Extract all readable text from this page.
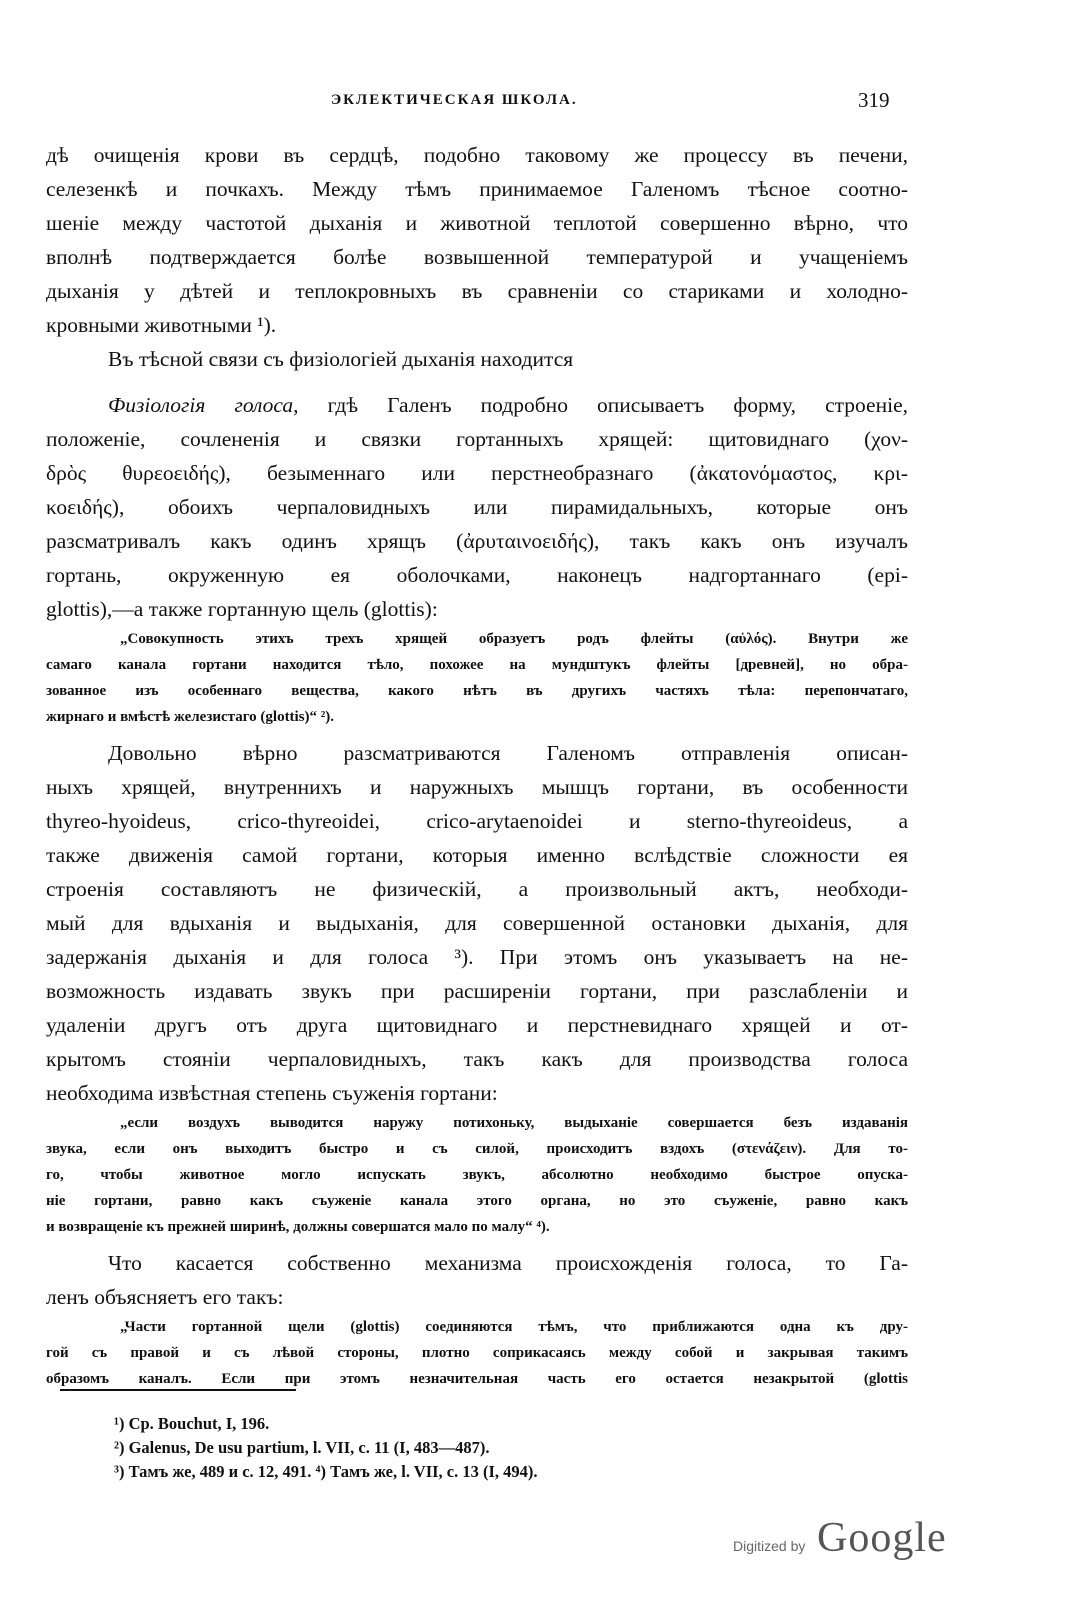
ЭКЛЕКТИЧЕСКАЯ ШКОЛА.	319
дѣ очищенія крови въ сердцѣ, подобно таковому же процессу въ печени,
селезенкѣ и почкахъ. Между тѣмъ принимаемое Галеномъ тѣсное соотно-
шеніе между частотой дыханія и животной теплотой совершенно вѣрно, что
вполнѣ подтверждается болѣе возвышенной температурой и учащеніемъ
дыханія у дѣтей и теплокровныхъ въ сравненіи со стариками и холодно-
кровными животными ¹).
Въ тѣсной связи съ физіологіей дыханія находится
Физіологія голоса, гдѣ Галенъ подробно описываетъ форму, строеніе,
положеніе, сочлененія и связки гортанныхъ хрящей: щитовиднаго (χον-
δρὸς θυρεοειδής), безыменнаго или перстнеобразнаго (ἀκατονόμαστος, κρι-
κοειδής), обоихъ черпаловидныхъ или пирамидальныхъ, которые онъ
разсматривалъ какъ одинъ хрящъ (ἀρυταινοειδής), такъ какъ онъ изучалъ
гортань, окруженную ея оболочками, наконецъ надгортаннаго (epi-
glottis),—а также гортанную щель (glottis):
„Совокупность этихъ трехъ хрящей образуетъ родъ флейты (αὐλός). Внутри же
самаго канала гортани находится тѣло, похожее на мундштукъ флейты [древней], но обра-
зованное изъ особеннаго вещества, какого нѣтъ въ другихъ частяхъ тѣла: перепончатаго,
жирнаго и вмѣстѣ железистаго (glottis)“ ²).
Довольно вѣрно разсматриваются Галеномъ отправленія описан-
ныхъ хрящей, внутреннихъ и наружныхъ мышцъ гортани, въ особенности
thyreo-hyoideus, crico-thyreoidei, crico-arytaenoidei и sterno-thyreoideus, а
также движенія самой гортани, которыя именно вслѣдствіе сложности ея
строенія составляютъ не физическій, а произвольный актъ, необходи-
мый для вдыханія и выдыханія, для совершенной остановки дыханія, для
задержанія дыханія и для голоса ³). При этомъ онъ указываетъ на не-
возможность издавать звукъ при расширеніи гортани, при разслабленіи и
удаленіи другъ отъ друга щитовиднаго и перстневиднаго хрящей и от-
крытомъ стояніи черпаловидныхъ, такъ какъ для производства голоса
необходима извѣстная степень съуженія гортани:
„если воздухъ выводится наружу потихоньку, выдыханіе совершается безъ издаванія
звука, если онъ выходитъ быстро и съ силой, происходитъ вздохъ (στενάζειν). Для то-
го, чтобы животное могло испускать звукъ, абсолютно необходимо быстрое опуска-
ніе гортани, равно какъ съуженіе канала этого органа, но это съуженіе, равно какъ
и возвращеніе къ прежней ширинѣ, должны совершатся мало по малу“ ⁴).
Что касается собственно механизма происхожденія голоса, то Га-
ленъ объясняетъ его такъ:
„Части гортанной щели (glottis) соединяются тѣмъ, что приближаются одна къ дру-
гой съ правой и съ лѣвой стороны, плотно соприкасаясь между собой и закрывая такимъ
образомъ каналъ. Если при этомъ незначительная часть его остается незакрытой (glottis
¹) Cp. Bouchut, I, 196.
²) Galenus, De usu partium, l. VII, c. 11 (I, 483—487).
³) Тамъ же, 489 и с. 12, 491. ⁴) Тамъ же, l. VII, c. 13 (I, 494).
Digitized by Google
